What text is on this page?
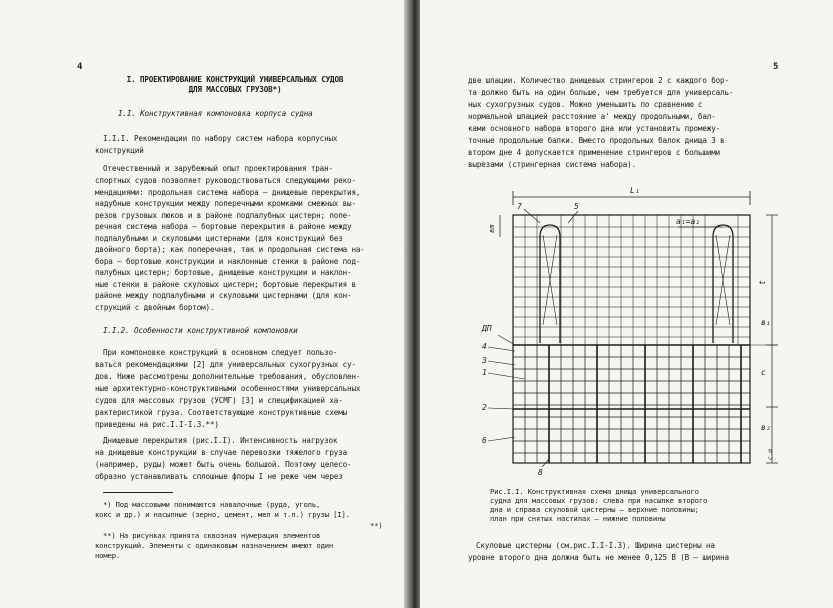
4
I. ПРОЕКТИРОВАНИЕ КОНСТРУКЦИЙ УНИВЕРСАЛЬНЫХ СУДОВ
ДЛЯ МАССОВЫХ ГРУЗОВ*)
I.I. Конструктивная компоновка корпуса судна
I.I.I. Рекомендации по набору систем набора корпусных
конструкций
Отечественный и зарубежный опыт проектирования тран-
спортных судов позволяет руководствоваться следующими реко-
мендациями: продольная система набора – днищевые перекрытия,
надубные конструкции между поперечными кромками смежных вы-
резов грузовых люков и в районе подпалубных цистерн; попе-
речная система набора – бортовые перекрытия в районе между
подпалубными и скуловыми цистернами (для конструкций без
двойного борта); как поперечная, так и продольная система на-
бора – бортовые конструкции и наклонные стенки в районе под-
палубных цистерн; бортовые, днищевые конструкции и наклон-
ные стенки в районе скуловых цистерн; бортовые перекрытия в
районе между подпалубными и скуловыми цистернами (для кон-
струкций с двойным бортом).
I.I.2. Особенности конструктивной компоновки
При компоновке конструкций в основном следует пользо-
ваться рекомендациями [2] для универсальных сухогрузных су-
дов. Ниже рассмотрены дополнительные требования, обусловлен-
ные архитектурно-конструктивными особенностями универсальных
судов для массовых грузов (УСМГ) [3] и спецификацией ха-
рактеристикой груза. Соответствующие конструктивные схемы
приведены на рис.I.I-I.3.**)
Днищевые перекрытия (рис.I.I). Интенсивность нагрузок
на днищевые конструкции в случае перевозки тяжелого груза
(например, руды) может быть очень большой. Поэтому целесо-
образно устанавливать сплошные флоры I не реже чем через
*) Под массовыми понимаются навалочные (руда, уголь,
кокс и др.) и насыпные (зерно, цемент, мел и т.п.) грузы [I].
**)
**) На рисунках принята сквозная нумерация элементов
конструкций. Элементы с одинаковым назначением имеют один
номер.
5
две шпации. Количество днищевых стрингеров 2 с каждого бор-
та должно быть на один больше, чем требуется для универсаль-
ных сухогрузных судов. Можно уменьшить по сравнению с
нормальной шпацией расстояние a' между продольными, бал-
ками основного набора второго дна или установить промежу-
точные продольные балки. Вместо продольных балок днища 3 в
втором дне 4 допускается применение стрингеров с большими
вырезами (стрингерная система набора).
L₁
a₁=a₂
ДП
t
в₁
с
в₂
с.ш
вm
7	5
4
3
1
2
6
8
Рис.I.I. Конструктивная схема днища универсального
судна для массовых грузов: слева при насыпке второго
дна и справа скуловой цистерны – верхние половины;
план при снятых настилах – нижние половины
Скуловые цистерны (см.рис.I.I-I.3). Ширина цистерны на
уровне второго дна должна быть не менее 0,125 В (В – ширина
